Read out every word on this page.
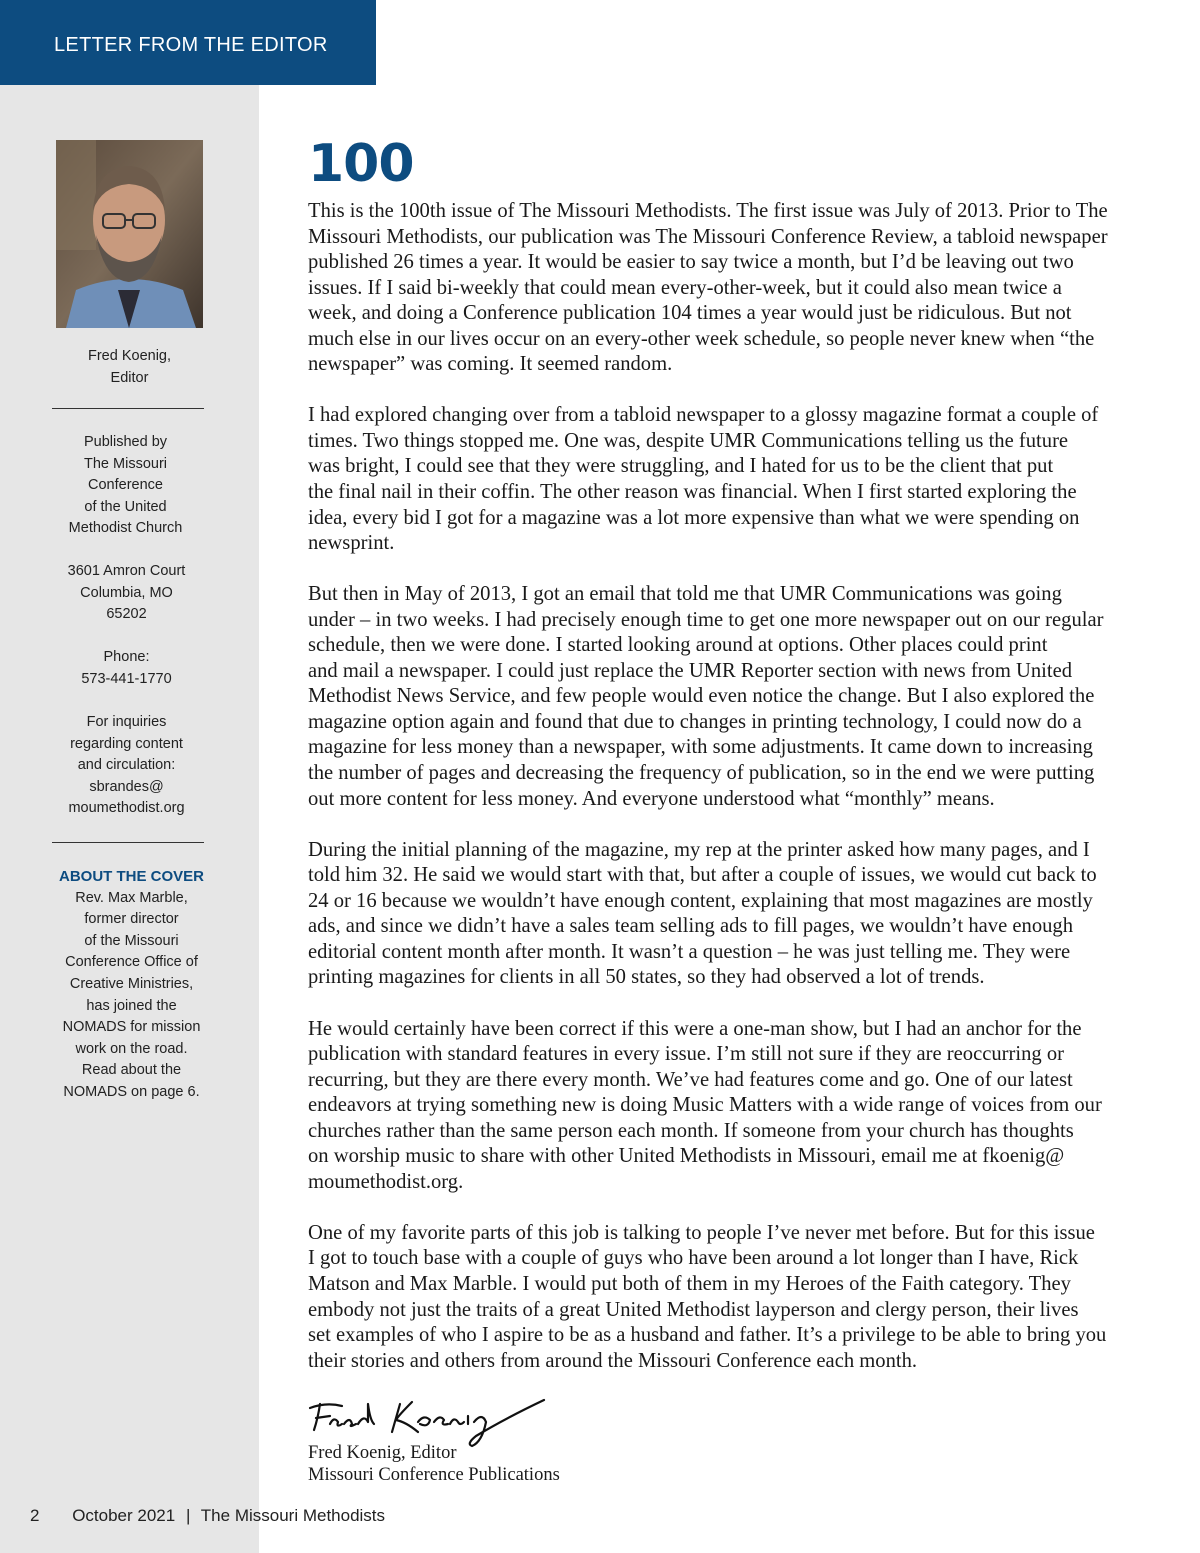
LETTER FROM THE EDITOR
Fred Koenig,
Editor
Published by
The Missouri
Conference
of the United
Methodist Church
3601 Amron Court
Columbia, MO
65202
Phone:
573-441-1770
For inquiries
regarding content
and circulation:
sbrandes@
moumethodist.org
ABOUT THE COVER
Rev. Max Marble,
former director
of the Missouri
Conference Office of
Creative Ministries,
has joined the
NOMADS for mission
work on the road.
Read about the
NOMADS on page 6.
100

This is the 100th issue of The Missouri Methodists. The first issue was July of 2013. Prior to The
Missouri Methodists, our publication was The Missouri Conference Review, a tabloid newspaper
published 26 times a year. It would be easier to say twice a month, but I’d be leaving out two
issues. If I said bi-weekly that could mean every-other-week, but it could also mean twice a
week, and doing a Conference publication 104 times a year would just be ridiculous. But not
much else in our lives occur on an every-other week schedule, so people never knew when “the
newspaper” was coming. It seemed random.

I had explored changing over from a tabloid newspaper to a glossy magazine format a couple of
times. Two things stopped me. One was, despite UMR Communications telling us the future
was bright, I could see that they were struggling, and I hated for us to be the client that put
the final nail in their coffin. The other reason was financial. When I first started exploring the
idea, every bid I got for a magazine was a lot more expensive than what we were spending on
newsprint.

But then in May of 2013, I got an email that told me that UMR Communications was going
under – in two weeks. I had precisely enough time to get one more newspaper out on our regular
schedule, then we were done. I started looking around at options. Other places could print
and mail a newspaper. I could just replace the UMR Reporter section with news from United
Methodist News Service, and few people would even notice the change. But I also explored the
magazine option again and found that due to changes in printing technology, I could now do a
magazine for less money than a newspaper, with some adjustments. It came down to increasing
the number of pages and decreasing the frequency of publication, so in the end we were putting
out more content for less money. And everyone understood what “monthly” means.

During the initial planning of the magazine, my rep at the printer asked how many pages, and I
told him 32. He said we would start with that, but after a couple of issues, we would cut back to
24 or 16 because we wouldn’t have enough content, explaining that most magazines are mostly
ads, and since we didn’t have a sales team selling ads to fill pages, we wouldn’t have enough
editorial content month after month. It wasn’t a question – he was just telling me. They were
printing magazines for clients in all 50 states, so they had observed a lot of trends.

He would certainly have been correct if this were a one-man show, but I had an anchor for the
publication with standard features in every issue. I’m still not sure if they are reoccurring or
recurring, but they are there every month. We’ve had features come and go. One of our latest
endeavors at trying something new is doing Music Matters with a wide range of voices from our
churches rather than the same person each month. If someone from your church has thoughts
on worship music to share with other United Methodists in Missouri, email me at fkoenig@
moumethodist.org.

One of my favorite parts of this job is talking to people I’ve never met before. But for this issue
I got to touch base with a couple of guys who have been around a lot longer than I have, Rick
Matson and Max Marble. I would put both of them in my Heroes of the Faith category. They
embody not just the traits of a great United Methodist layperson and clergy person, their lives
set examples of who I aspire to be as a husband and father. It’s a privilege to be able to bring you
their stories and others from around the Missouri Conference each month.

Fred Koenig, Editor
Missouri Conference Publications
2 October 2021 | The Missouri Methodists
